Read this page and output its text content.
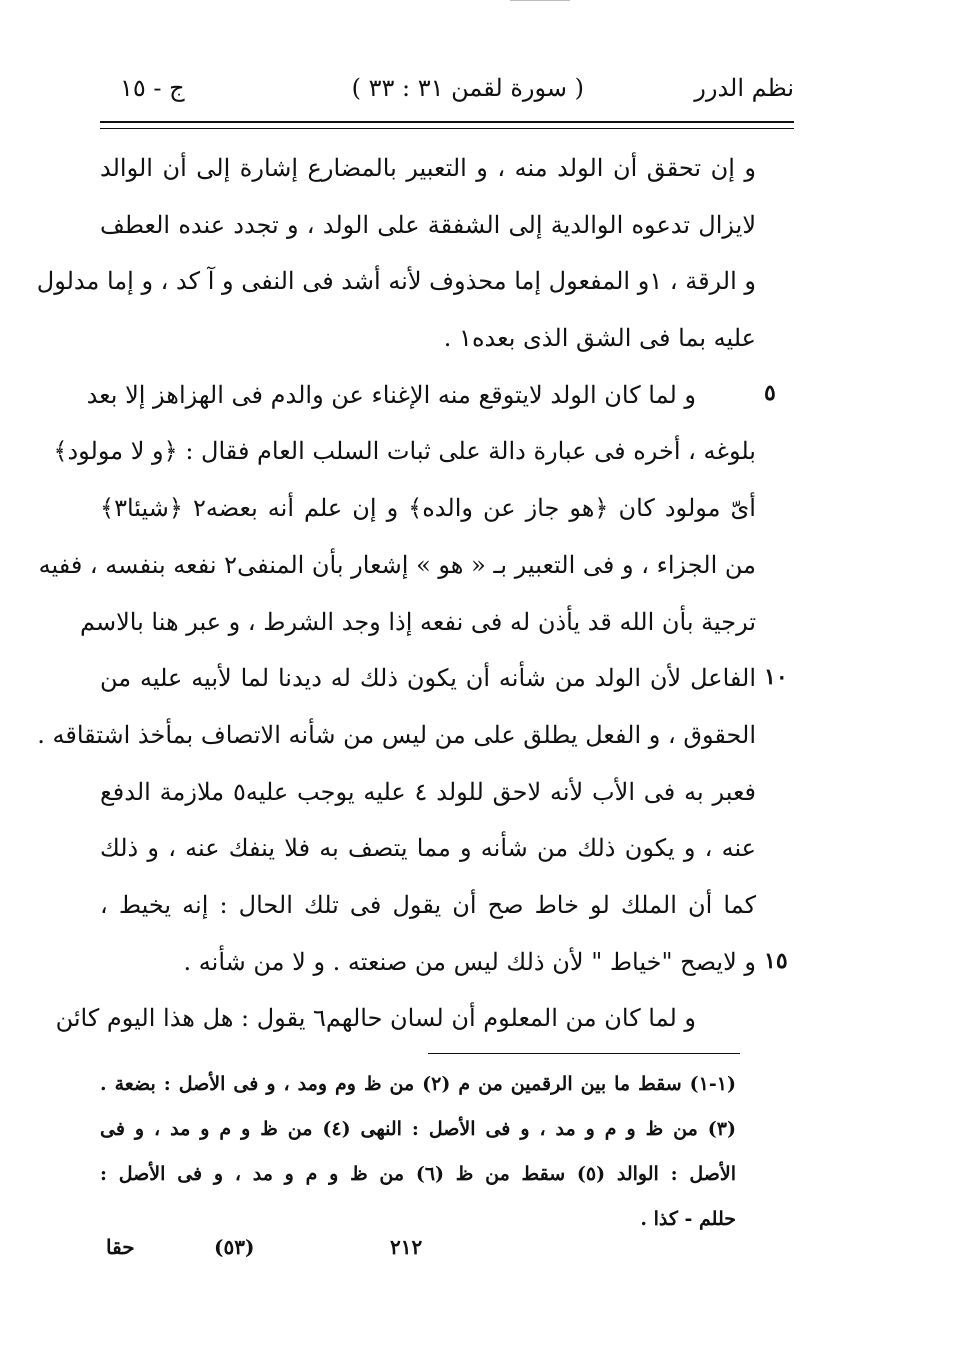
نظم الدرر
( سورة لقمن ٣١ : ٣٣ )
ج - ١٥
و إن تحقق أن الولد منه ، و التعبير بالمضارع إشارة إلى أن الوالد
لايزال تدعوه الوالدية إلى الشفقة على الولد ، و تجدد عنده العطف
و الرقة ، ١و المفعول إما محذوف لأنه أشد فى النفى و آ كد ، و إما مدلول
عليه بما فى الشق الذى بعده١ .
و لما كان الولد لايتوقع منه الإغناء عن والدم فى الهزاهز إلا بعد
بلوغه ، أخره فى عبارة دالة على ثبات السلب العام فقال : ﴿و لا مولود﴾
أىّ مولود كان ﴿هو جاز عن والده﴾ و إن علم أنه بعضه٢ ﴿شيئا٣﴾
من الجزاء ، و فى التعبير بـ « هو » إشعار بأن المنفى٢ نفعه بنفسه ، ففيه
ترجية بأن الله قد يأذن له فى نفعه إذا وجد الشرط ، و عبر هنا بالاسم
الفاعل لأن الولد من شأنه أن يكون ذلك له ديدنا لما لأبيه عليه من
الحقوق ، و الفعل يطلق على من ليس من شأنه الاتصاف بمأخذ اشتقاقه .
فعبر به فى الأب لأنه لاحق للولد ٤ عليه يوجب عليه٥ ملازمة الدفع
عنه ، و يكون ذلك من شأنه و مما يتصف به فلا ينفك عنه ، و ذلك
كما أن الملك لو خاط صح أن يقول فى تلك الحال : إنه يخيط ،
و لايصح "خياط " لأن ذلك ليس من صنعته . و لا من شأنه .
و لما كان من المعلوم أن لسان حالهم٦ يقول : هل هذا اليوم كائن
٥
١٠
١٥
(١-١) سقط ما بين الرقمين من م (٢) من ظ وم ومد ، و فى الأصل : بضعة .
(٣) من ظ و م و مد ، و فى الأصل : النهى (٤) من ظ و م و مد ، و فى
الأصل : الوالد (٥) سقط من ظ (٦) من ظ و م و مد ، و فى الأصل :
حللم - كذا .
حقا	(٥٣)	٢١٢
